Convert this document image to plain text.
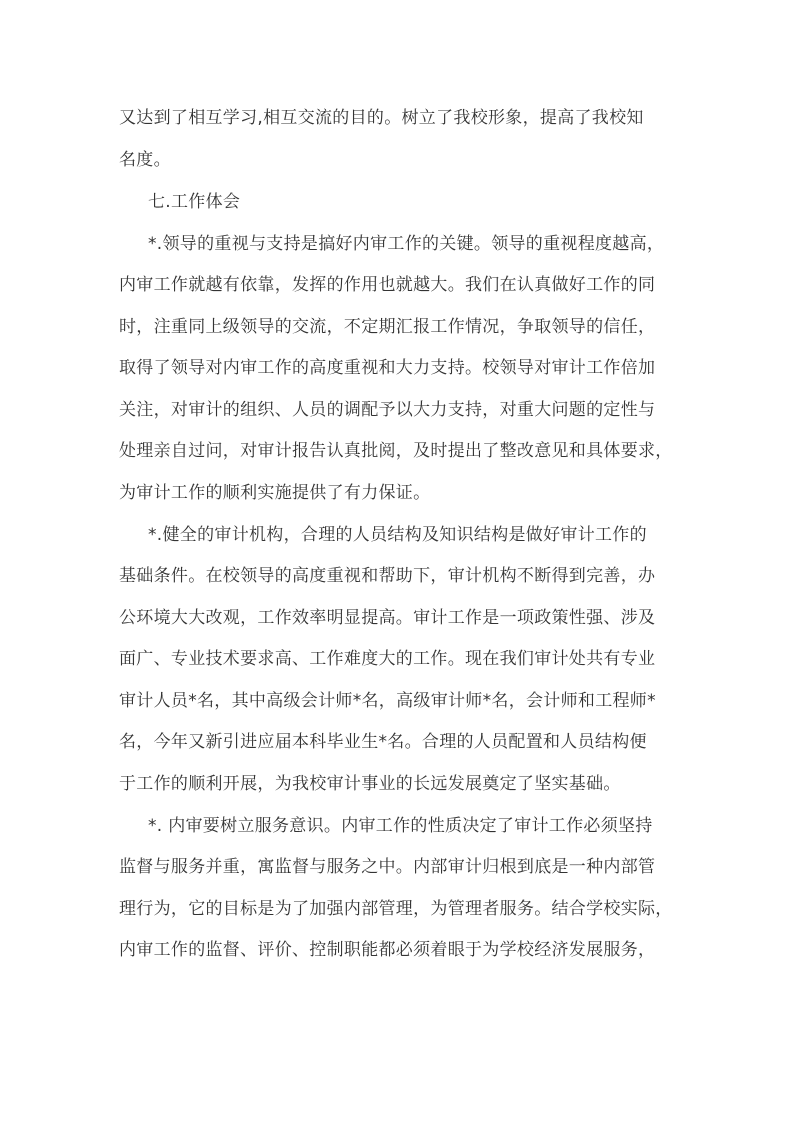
又达到了相互学习,相互交流的目的。树立了我校形象，提高了我校知

名度。

七.工作体会

*.领导的重视与支持是搞好内审工作的关键。领导的重视程度越高，

内审工作就越有依靠，发挥的作用也就越大。我们在认真做好工作的同

时，注重同上级领导的交流，不定期汇报工作情况，争取领导的信任，

取得了领导对内审工作的高度重视和大力支持。校领导对审计工作倍加

关注，对审计的组织、人员的调配予以大力支持，对重大问题的定性与

处理亲自过问，对审计报告认真批阅，及时提出了整改意见和具体要求，

为审计工作的顺利实施提供了有力保证。

*.健全的审计机构，合理的人员结构及知识结构是做好审计工作的

基础条件。在校领导的高度重视和帮助下，审计机构不断得到完善，办

公环境大大改观，工作效率明显提高。审计工作是一项政策性强、涉及

面广、专业技术要求高、工作难度大的工作。现在我们审计处共有专业

审计人员*名，其中高级会计师*名，高级审计师*名，会计师和工程师*

名，今年又新引进应届本科毕业生*名。合理的人员配置和人员结构便

于工作的顺利开展，为我校审计事业的长远发展奠定了坚实基础。

*. 内审要树立服务意识。内审工作的性质决定了审计工作必须坚持

监督与服务并重，寓监督与服务之中。内部审计归根到底是一种内部管

理行为，它的目标是为了加强内部管理，为管理者服务。结合学校实际，

内审工作的监督、评价、控制职能都必须着眼于为学校经济发展服务，
